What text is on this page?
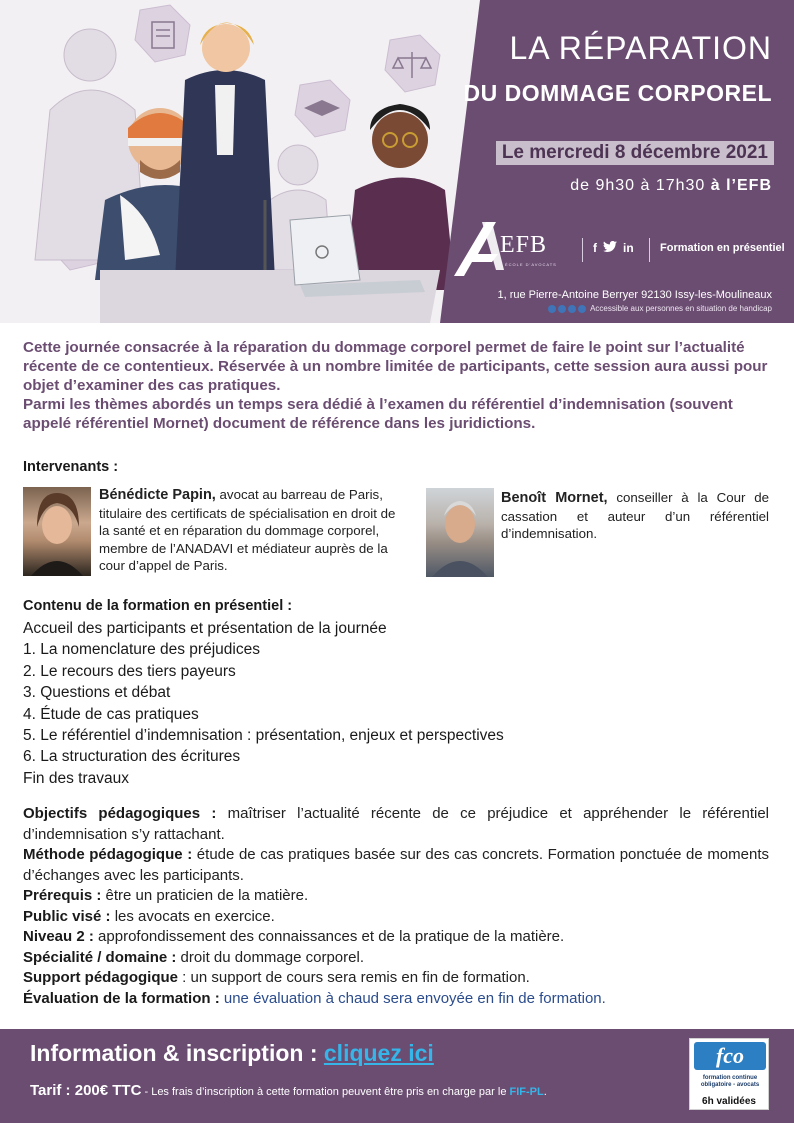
LA RÉPARATION
DU DOMMAGE CORPOREL
Le mercredi 8 décembre 2021
de 9h30 à 17h30 à l’EFB
EFB
ÉCOLE D'AVOCATS
f in Formation en présentiel
1, rue Pierre-Antoine Berryer 92130 Issy-les-Moulineaux
Accessible aux personnes en situation de handicap

Cette journée consacrée à la réparation du dommage corporel permet de faire le point sur l’actualité récente de ce contentieux. Réservée à un nombre limitée de participants, cette session aura aussi pour objet d’examiner des cas pratiques.

Parmi les thèmes abordés un temps sera dédié à l’examen du référentiel d’indemnisation (souvent appelé référentiel Mornet) document de référence dans les juridictions.

Intervenants :
Bénédicte Papin, avocat au barreau de Paris, titulaire des certificats de spécialisation en droit de la santé et en réparation du dommage corporel, membre de l’ANADAVI et médiateur auprès de la cour d’appel de Paris.
Benoît Mornet, conseiller à la Cour de cassation et auteur d’un référentiel d’indemnisation.
Contenu de la formation en présentiel :
Accueil des participants et présentation de la journée
1. La nomenclature des préjudices
2. Le recours des tiers payeurs
3. Questions et débat
4. Étude de cas pratiques
5. Le référentiel d’indemnisation : présentation, enjeux et perspectives
6. La structuration des écritures
Fin des travaux
Objectifs pédagogiques : maîtriser l’actualité récente de ce préjudice et appréhender le référentiel d’indemnisation s’y rattachant.
Méthode pédagogique : étude de cas pratiques basée sur des cas concrets. Formation ponctuée de moments d’échanges avec les participants.
Prérequis : être un praticien de la matière.
Public visé : les avocats en exercice.
Niveau 2 : approfondissement des connaissances et de la pratique de la matière.
Spécialité / domaine : droit du dommage corporel.
Support pédagogique : un support de cours sera remis en fin de formation.
Évaluation de la formation : une évaluation à chaud sera envoyée en fin de formation.
Information & inscription : cliquez ici
Tarif : 200€ TTC - Les frais d’inscription à cette formation peuvent être pris en charge par le FIF-PL.
fco
formation continue obligatoire - avocats
6h validées
